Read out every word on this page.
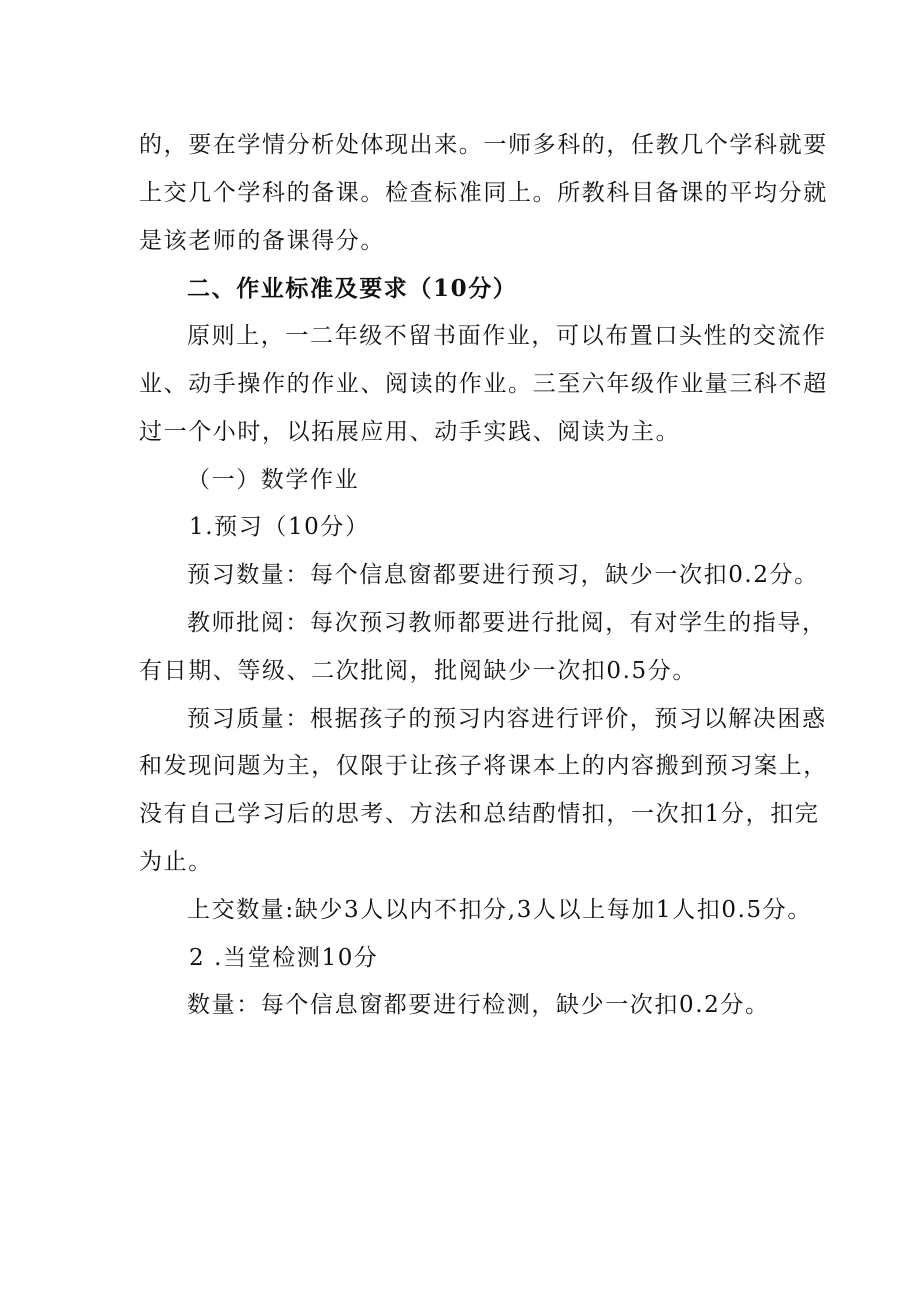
的，要在学情分析处体现出来。一师多科的，任教几个学科就要
上交几个学科的备课。检查标准同上。所教科目备课的平均分就
是该老师的备课得分。
二、作业标准及要求（10分）
原则上，一二年级不留书面作业，可以布置口头性的交流作
业、动手操作的作业、阅读的作业。三至六年级作业量三科不超
过一个小时，以拓展应用、动手实践、阅读为主。
（一）数学作业
1.预习（10分）
预习数量：每个信息窗都要进行预习，缺少一次扣0.2分。
教师批阅：每次预习教师都要进行批阅，有对学生的指导，
有日期、等级、二次批阅，批阅缺少一次扣0.5分。
预习质量：根据孩子的预习内容进行评价，预习以解决困惑
和发现问题为主，仅限于让孩子将课本上的内容搬到预习案上，
没有自己学习后的思考、方法和总结酌情扣，一次扣1分，扣完
为止。
上交数量:缺少3人以内不扣分,3人以上每加1人扣0.5分。
2 .当堂检测10分
数量：每个信息窗都要进行检测，缺少一次扣0.2分。
